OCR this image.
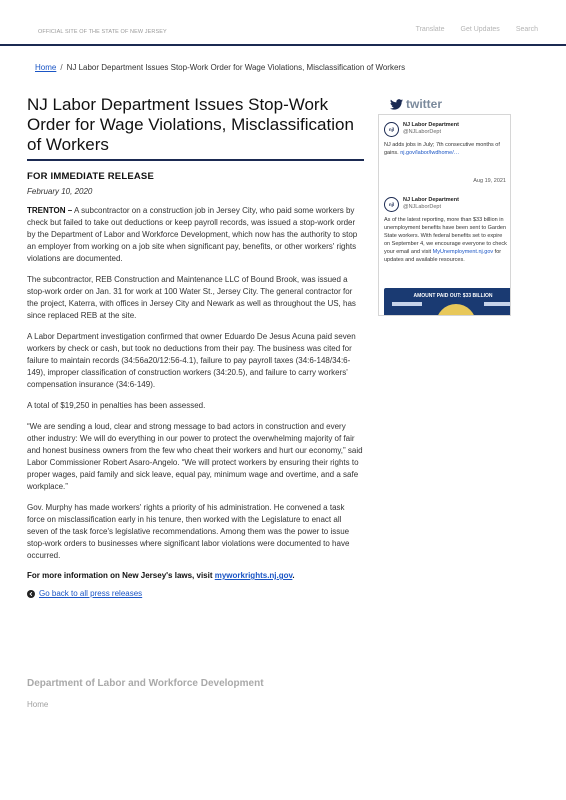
OFFICIAL SITE OF THE STATE OF NEW JERSEY	Translate Get Updates Search
Home / NJ Labor Department Issues Stop-Work Order for Wage Violations, Misclassification of Workers
NJ Labor Department Issues Stop-Work Order for Wage Violations, Misclassification of Workers
FOR IMMEDIATE RELEASE
February 10, 2020

TRENTON – A subcontractor on a construction job in Jersey City, who paid some workers by check but failed to take out deductions or keep payroll records, was issued a stop-work order by the Department of Labor and Workforce Development, which now has the authority to stop an employer from working on a job site when significant pay, benefits, or other workers' rights violations are documented.

The subcontractor, REB Construction and Maintenance LLC of Bound Brook, was issued a stop-work order on Jan. 31 for work at 100 Water St., Jersey City. The general contractor for the project, Katerra, with offices in Jersey City and Newark as well as throughout the US, has since replaced REB at the site.

A Labor Department investigation confirmed that owner Eduardo De Jesus Acuna paid seven workers by check or cash, but took no deductions from their pay. The business was cited for failure to maintain records (34:56a20/12:56-4.1), failure to pay payroll taxes (34:6-148/34:6-149), improper classification of construction workers (34:20.5), and failure to carry workers' compensation insurance (34:6-149).

A total of $19,250 in penalties has been assessed.

“We are sending a loud, clear and strong message to bad actors in construction and every other industry: We will do everything in our power to protect the overwhelming majority of fair and honest business owners from the few who cheat their workers and hurt our economy,” said Labor Commissioner Robert Asaro-Angelo. “We will protect workers by ensuring their rights to proper wages, paid family and sick leave, equal pay, minimum wage and overtime, and a safe workplace.”

Gov. Murphy has made workers' rights a priority of his administration. He convened a task force on misclassification early in his tenure, then worked with the Legislature to enact all seven of the task force's legislative recommendations. Among them was the power to issue stop-work orders to businesses where significant labor violations were documented to have occurred.

For more information on New Jersey's laws, visit myworkrights.nj.gov.

Go back to all press releases
twitter
njl
NJ Labor Department
@NJLaborDept
NJ adds jobs in July; 7th consecutive months of gains. nj.gov/labor/lwdhome/…
Aug 19, 2021
njl
NJ Labor Department
@NJLaborDept
As of the latest reporting, more than $33 billion in unemployment benefits have been sent to Garden State workers. With federal benefits set to expire on September 4, we encourage everyone to check your email and visit MyUnemployment.nj.gov for updates and available resources.
AMOUNT PAID OUT: $33 BILLION
Department of Labor and Workforce Development
Home
